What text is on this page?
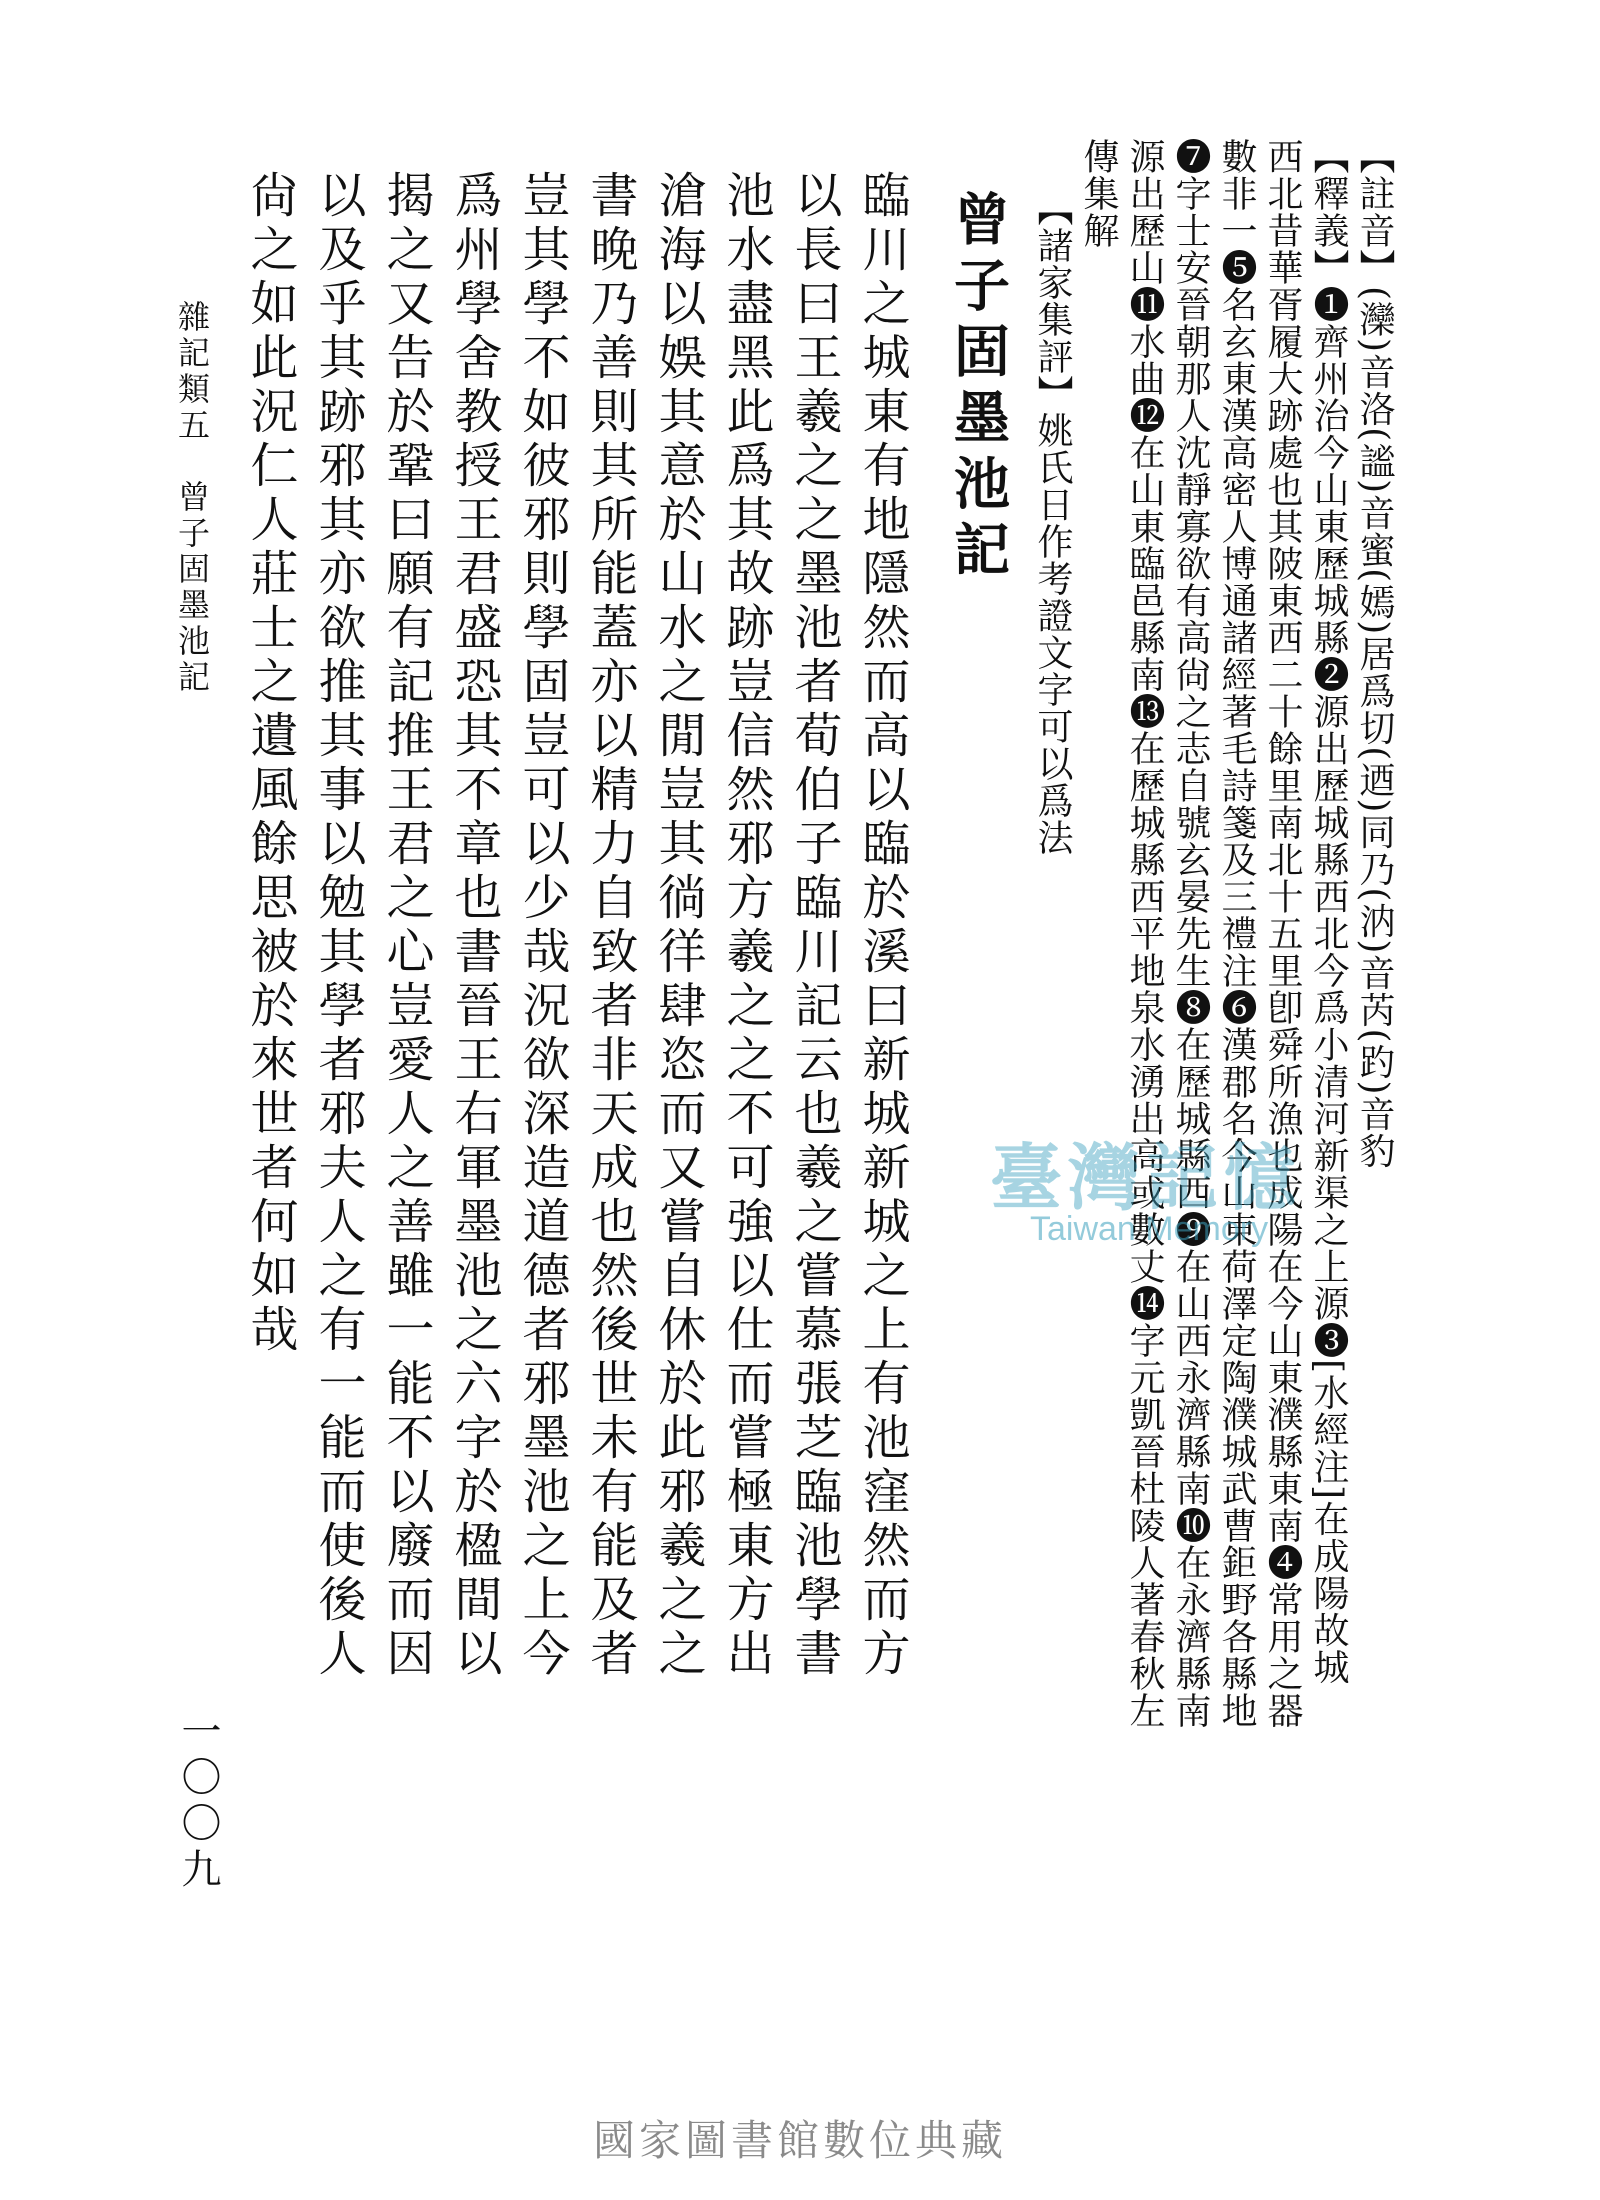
【註音】(灤)音洛(謐)音蜜(嫣)居爲切(迺)同乃(汭)音芮(趵)音豹
【釋義】❶齊州治今山東歷城縣❷源出歷城縣西北今爲小清河新渠之上源❸[水經注]在成陽故城
西北昔華胥履大跡處也其陂東西二十餘里南北十五里卽舜所漁也成陽在今山東濮縣東南❹常用之器
數非一❺名玄東漢高密人博通諸經著毛詩箋及三禮注❻漢郡名今山東荷澤定陶濮城武曹鉅野各縣地
❼字士安晉朝那人沈靜寡欲有高尙之志自號玄晏先生❽在歷城縣西❾在山西永濟縣南❿在永濟縣南
源出歷山⓫水曲⓬在山東臨邑縣南⓭在歷城縣西平地泉水湧出高或數丈⓮字元凱晉杜陵人著春秋左
傳集解
【諸家集評】姚氏日作考證文字可以爲法
曾子固墨池記
臨川之城東有地隱然而高以臨於溪曰新城新城之上有池窪然而方
以長曰王羲之之墨池者荀伯子臨川記云也羲之嘗慕張芝臨池學書
池水盡黑此爲其故跡豈信然邪方羲之之不可強以仕而嘗極東方出
滄海以娛其意於山水之閒豈其徜徉肆恣而又嘗自休於此邪羲之之
書晚乃善則其所能蓋亦以精力自致者非天成也然後世未有能及者
豈其學不如彼邪則學固豈可以少哉況欲深造道德者邪墨池之上今
爲州學舍教授王君盛恐其不章也書晉王右軍墨池之六字於楹間以
揭之又告於鞏曰願有記推王君之心豈愛人之善雖一能不以廢而因
以及乎其跡邪其亦欲推其事以勉其學者邪夫人之有一能而使後人
尙之如此況仁人莊士之遺風餘思被於來世者何如哉
雜記類五　曾子固墨池記
一〇〇九
臺灣記憶
Taiwan Memory
國家圖書館數位典藏
